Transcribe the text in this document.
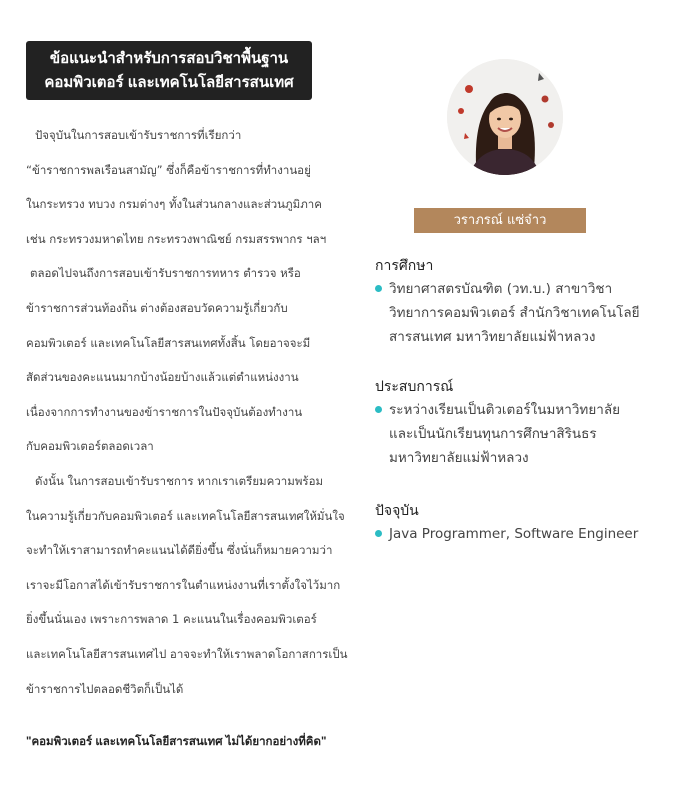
ข้อแนะนำสำหรับการสอบวิชาพื้นฐาน
คอมพิวเตอร์ และเทคโนโลยีสารสนเทศ
ปัจจุบันในการสอบเข้ารับราชการที่เรียกว่า
“ข้าราชการพลเรือนสามัญ” ซึ่งก็คือข้าราชการที่ทำงานอยู่
ในกระทรวง ทบวง กรมต่างๆ ทั้งในส่วนกลางและส่วนภูมิภาค
เช่น กระทรวงมหาดไทย กระทรวงพาณิชย์ กรมสรรพากร ฯลฯ
ตลอดไปจนถึงการสอบเข้ารับราชการทหาร ตำรวจ หรือ
ข้าราชการส่วนท้องถิ่น ต่างต้องสอบวัดความรู้เกี่ยวกับ
คอมพิวเตอร์ และเทคโนโลยีสารสนเทศทั้งสิ้น โดยอาจจะมี
สัดส่วนของคะแนนมากบ้างน้อยบ้างแล้วแต่ตำแหน่งงาน
เนื่องจากการทำงานของข้าราชการในปัจจุบันต้องทำงาน
กับคอมพิวเตอร์ตลอดเวลา
ดังนั้น ในการสอบเข้ารับราชการ หากเราเตรียมความพร้อม
ในความรู้เกี่ยวกับคอมพิวเตอร์ และเทคโนโลยีสารสนเทศให้มั่นใจ
จะทำให้เราสามารถทำคะแนนได้ดียิ่งขึ้น ซึ่งนั่นก็หมายความว่า
เราจะมีโอกาสได้เข้ารับราชการในตำแหน่งงานที่เราตั้งใจไว้มาก
ยิ่งขึ้นนั่นเอง เพราะการพลาด 1 คะแนนในเรื่องคอมพิวเตอร์
และเทคโนโลยีสารสนเทศไป อาจจะทำให้เราพลาดโอกาสการเป็น
ข้าราชการไปตลอดชีวิตก็เป็นได้
"คอมพิวเตอร์ และเทคโนโลยีสารสนเทศ ไม่ได้ยากอย่างที่คิด"
วราภรณ์ แซ่จ๋าว
การศึกษา
วิทยาศาสตรบัณฑิต (วท.บ.) สาขาวิชา
วิทยาการคอมพิวเตอร์ สำนักวิชาเทคโนโลยี
สารสนเทศ มหาวิทยาลัยแม่ฟ้าหลวง
ประสบการณ์
ระหว่างเรียนเป็นติวเตอร์ในมหาวิทยาลัย
และเป็นนักเรียนทุนการศึกษาสิรินธร
มหาวิทยาลัยแม่ฟ้าหลวง
ปัจจุบัน
Java Programmer, Software Engineer
